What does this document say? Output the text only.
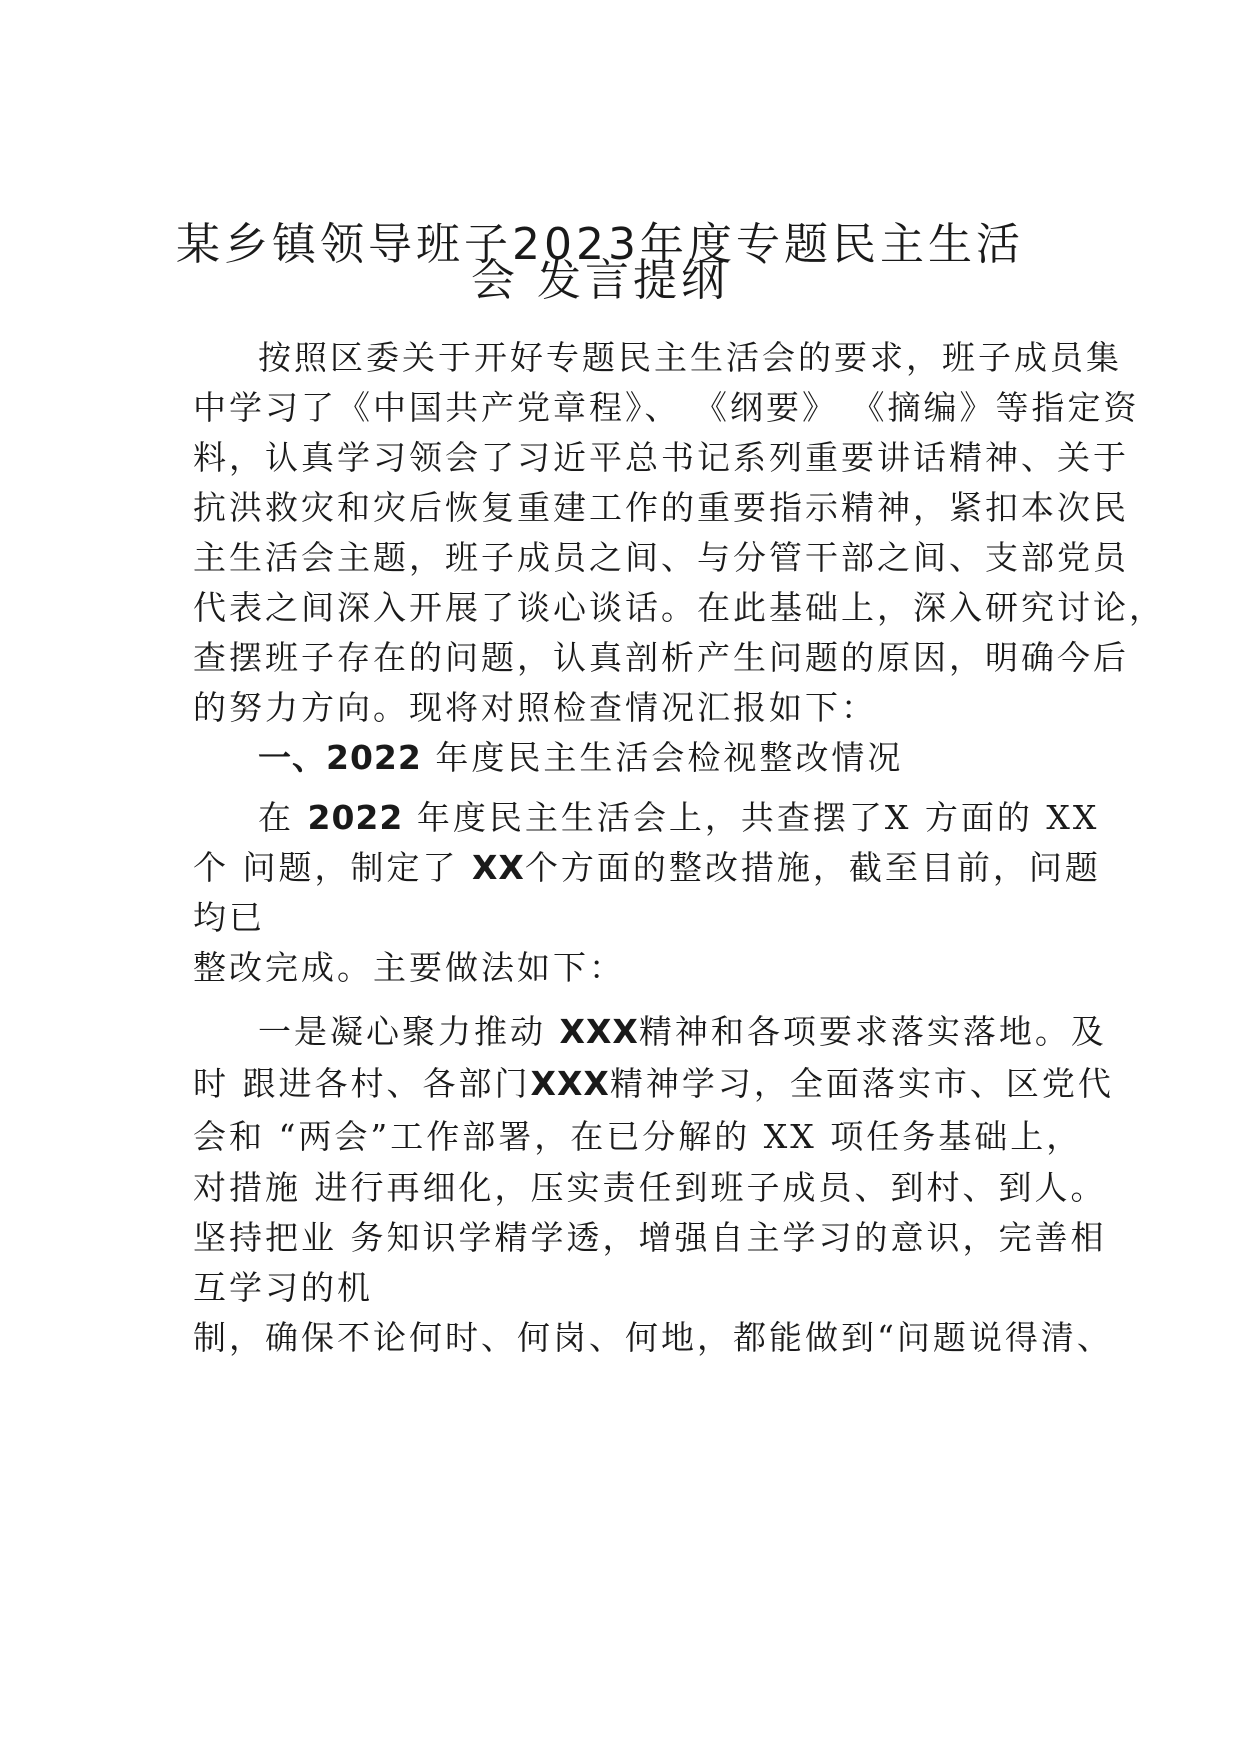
某乡镇领导班子2023年度专题民主生活
会 发言提纲
按照区委关于开好专题民主生活会的要求，班子成员集
中学习了《中国共产党章程》、 《纲要》 《摘编》等指定资
料，认真学习领会了习近平总书记系列重要讲话精神、关于
抗洪救灾和灾后恢复重建工作的重要指示精神，紧扣本次民
主生活会主题，班子成员之间、与分管干部之间、支部党员
代表之间深入开展了谈心谈话。在此基础上，深入研究讨论，
查摆班子存在的问题，认真剖析产生问题的原因，明确今后
的努力方向。现将对照检查情况汇报如下：
一、2022 年度民主生活会检视整改情况
在 2022 年度民主生活会上，共查摆了X 方面的 XX
个 问题，制定了 XX个方面的整改措施，截至目前，问题
均已
整改完成。主要做法如下：
一是凝心聚力推动 XXX精神和各项要求落实落地。及
时 跟进各村、各部门XXX精神学习，全面落实市、区党代
会和 “两会”工作部署，在已分解的 XX 项任务基础上，
对措施 进行再细化，压实责任到班子成员、到村、到人。
坚持把业 务知识学精学透，增强自主学习的意识，完善相
互学习的机
制，确保不论何时、何岗、何地，都能做到“问题说得清、
